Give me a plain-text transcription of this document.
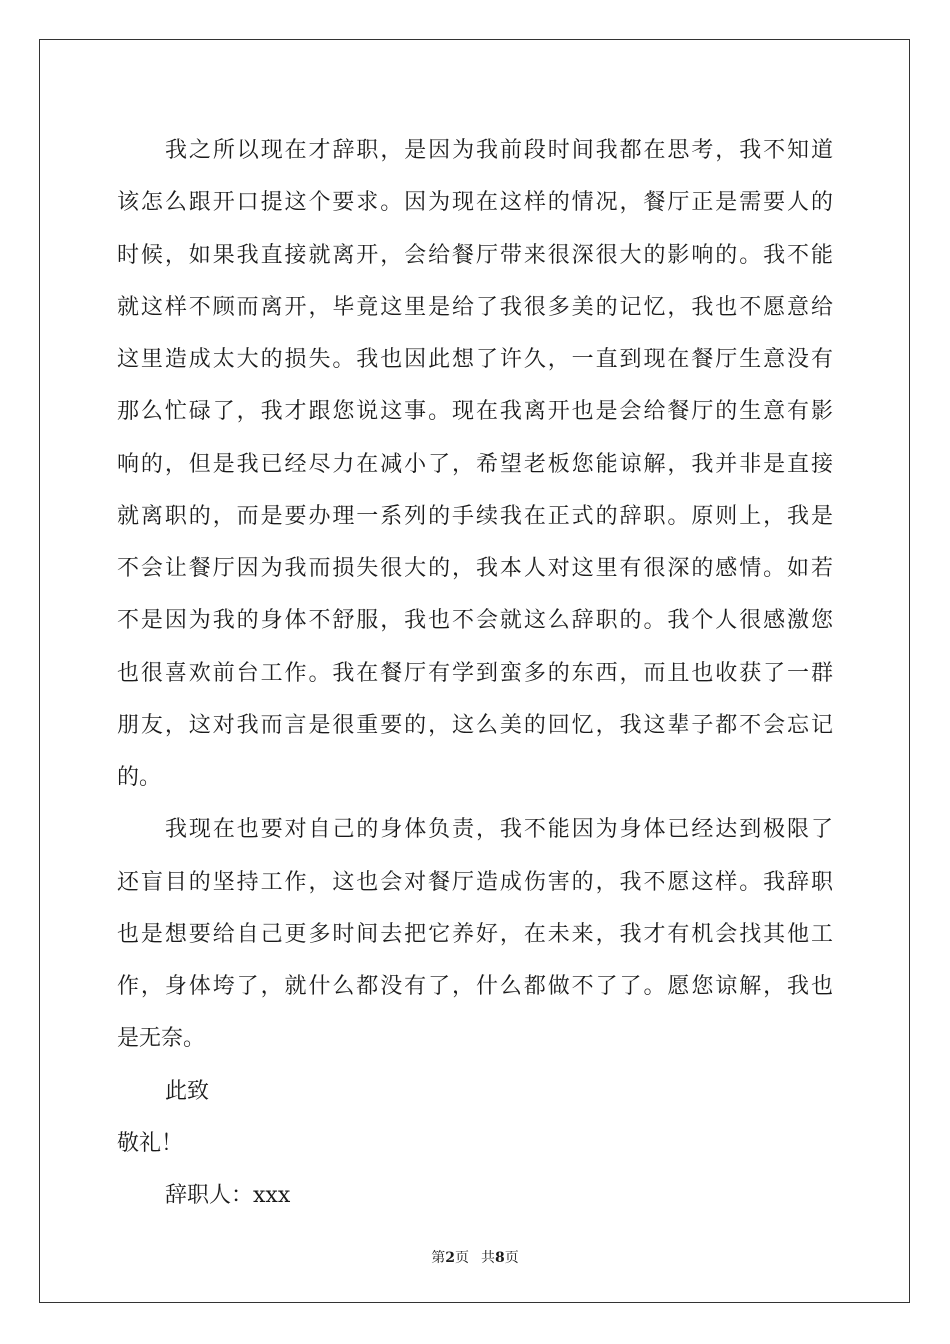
我之所以现在才辞职，是因为我前段时间我都在思考，我不知道
该怎么跟开口提这个要求。因为现在这样的情况，餐厅正是需要人的
时候，如果我直接就离开，会给餐厅带来很深很大的影响的。我不能
就这样不顾而离开，毕竟这里是给了我很多美的记忆，我也不愿意给
这里造成太大的损失。我也因此想了许久，一直到现在餐厅生意没有
那么忙碌了，我才跟您说这事。现在我离开也是会给餐厅的生意有影
响的，但是我已经尽力在减小了，希望老板您能谅解，我并非是直接
就离职的，而是要办理一系列的手续我在正式的辞职。原则上，我是
不会让餐厅因为我而损失很大的，我本人对这里有很深的感情。如若
不是因为我的身体不舒服，我也不会就这么辞职的。我个人很感激您
也很喜欢前台工作。我在餐厅有学到蛮多的东西，而且也收获了一群
朋友，这对我而言是很重要的，这么美的回忆，我这辈子都不会忘记
的。
我现在也要对自己的身体负责，我不能因为身体已经达到极限了
还盲目的坚持工作，这也会对餐厅造成伤害的，我不愿这样。我辞职
也是想要给自己更多时间去把它养好，在未来，我才有机会找其他工
作，身体垮了，就什么都没有了，什么都做不了了。愿您谅解，我也
是无奈。
此致
敬礼！
辞职人：xxx
第2页 共8页
